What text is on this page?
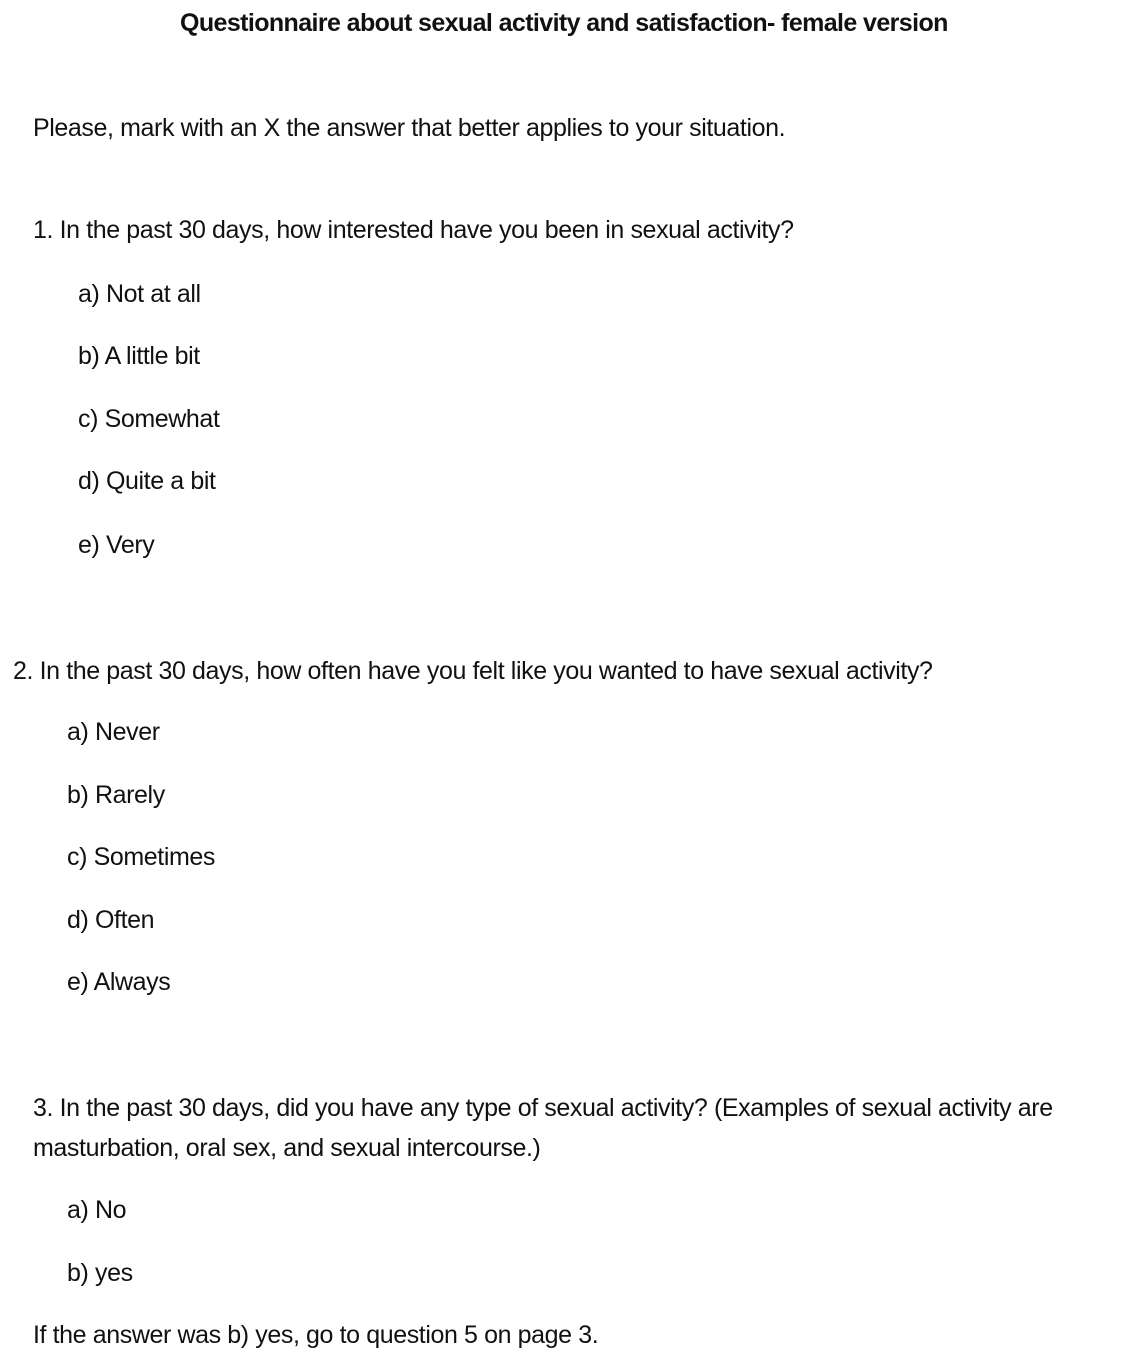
Questionnaire about sexual activity and satisfaction- female version
Please, mark with an X the answer that better applies to your situation.
1. In the past 30 days, how interested have you been in sexual activity?
a) Not at all
b) A little bit
c) Somewhat
d) Quite a bit
e) Very
2. In the past 30 days, how often have you felt like you wanted to have sexual activity?
a) Never
b) Rarely
c) Sometimes
d) Often
e) Always
3. In the past 30 days, did you have any type of sexual activity? (Examples of sexual activity are
masturbation, oral sex, and sexual intercourse.)
a) No
b) yes
If the answer was b) yes, go to question 5 on page 3.
